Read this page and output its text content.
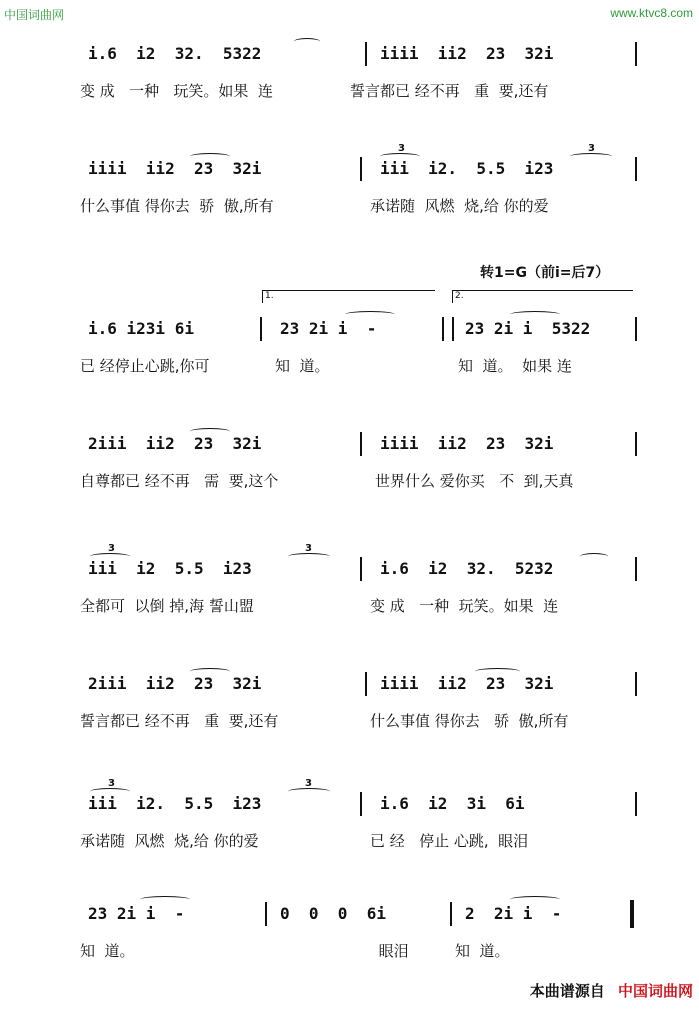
中国词曲网	www.ktvc8.com
转1=G（前i=后7）

i.6  i2  32.  5322

	iiii  ii2  23  32i

变 成   一种   玩笑。如果  连

	誓言都已 经不再   重  要,还有

iiii  ii2  23  32i

	iii  i2.  5.5  i23

3	3

什么事值 得你去  骄  傲,所有

	承诺随  风燃  烧,给 你的爱

1.	2.

i.6 i23i 6i

	23 2i i  -

	23 2i i  5322

已 经停止心跳,你可

	知  道。

	知  道。  如果 连

2iii  ii2  23  32i

	iiii  ii2  23  32i

自尊都已 经不再   需  要,这个

	世界什么 爱你买   不  到,天真

iii  i2  5.5  i23

	i.6  i2  32.  5232

3	3

全都可  以倒 掉,海 誓山盟

	变 成   一种  玩笑。如果  连

2iii  ii2  23  32i

	iiii  ii2  23  32i

誓言都已 经不再   重  要,还有

	什么事值 得你去   骄  傲,所有

iii  i2.  5.5  i23

	i.6  i2  3i  6i

3	3

承诺随  风燃  烧,给 你的爱

	已 经   停止 心跳,  眼泪

23 2i i  -

	0  0  0  6i

	2  2i i  -

知  道。

	眼泪

	知  道。

本曲谱源自 中国词曲网
